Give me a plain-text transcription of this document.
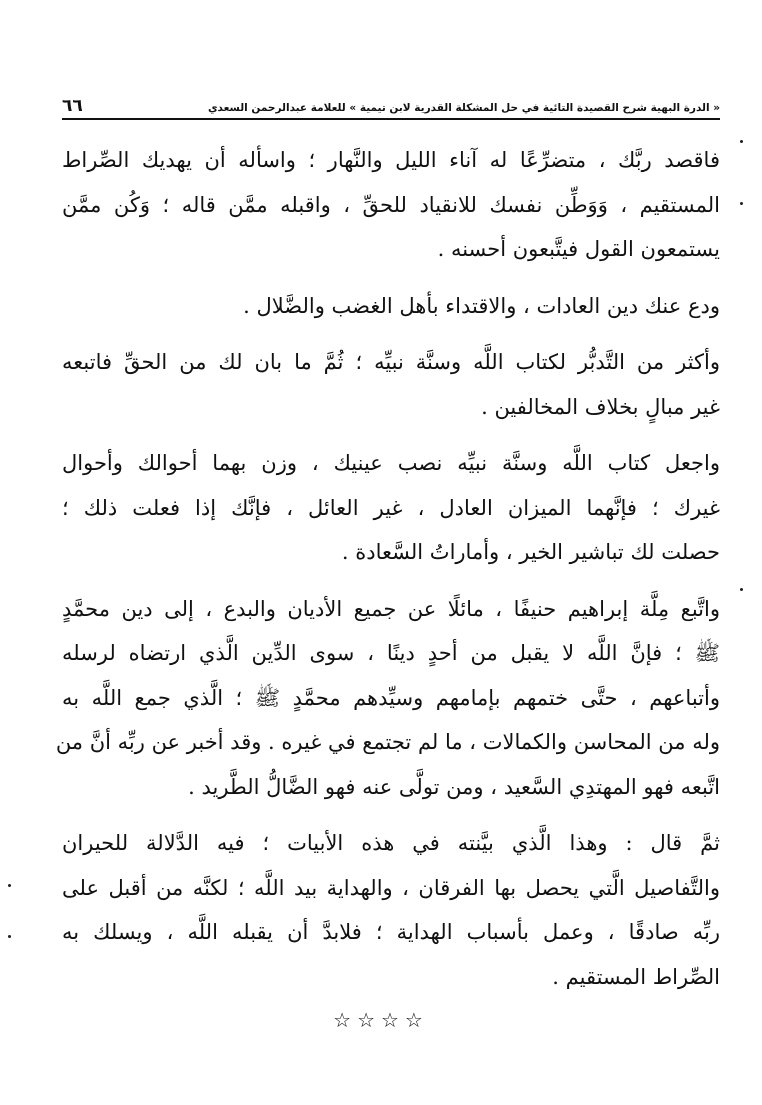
« الدرة البهية شرح القصيدة التائية في حل المشكلة القدرية لابن تيمية » للعلامة عبدالرحمن السعدي
٦٦
فاقصد ربَّك ، متضرِّعًا له آناء الليل والنَّهار ؛ واسأله أن يهديك الصِّراط
المستقيم ، وَوَطِّن نفسك للانقياد للحقِّ ، واقبله ممَّن قاله ؛ وَكُن ممَّن
يستمعون القول فيتَّبعون أحسنه .
ودع عنك دين العادات ، والاقتداء بأهل الغضب والضَّلال .
وأكثر من التَّدبُّر لكتاب اللَّه وسنَّة نبيِّه ؛ ثُمَّ ما بان لك من الحقِّ فاتبعه
غير مبالٍ بخلاف المخالفين .
واجعل كتاب اللَّه وسنَّة نبيِّه نصب عينيك ، وزن بهما أحوالك وأحوال
غيرك ؛ فإنَّهما الميزان العادل ، غير العائل ، فإنَّك إذا فعلت ذلك ؛
حصلت لك تباشير الخير ، وأماراتُ السَّعادة .
واتَّبع مِلَّة إبراهيم حنيفًا ، مائلًا عن جميع الأديان والبدع ، إلى دين محمَّدٍ
ﷺ ؛ فإنَّ اللَّه لا يقبل من أحدٍ دينًا ، سوى الدِّين الَّذي ارتضاه لرسله
وأتباعهم ، حتَّى ختمهم بإمامهم وسيِّدهم محمَّدٍ ﷺ ؛ الَّذي جمع اللَّه به
وله من المحاسن والكمالات ، ما لم تجتمع في غيره . وقد أخبر عن ربِّه أنَّ من
اتَّبعه فهو المهتدِي السَّعيد ، ومن تولَّى عنه فهو الضَّالُّ الطَّريد .
ثمَّ قال : وهذا الَّذي بيَّنته في هذه الأبيات ؛ فيه الدَّلالة للحيران
والتَّفاصيل الَّتي يحصل بها الفرقان ، والهداية بيد اللَّه ؛ لكنَّه من أقبل على
ربِّه صادقًا ، وعمل بأسباب الهداية ؛ فلابدَّ أن يقبله اللَّه ، ويسلك به
الصِّراط المستقيم .
☆☆☆☆
